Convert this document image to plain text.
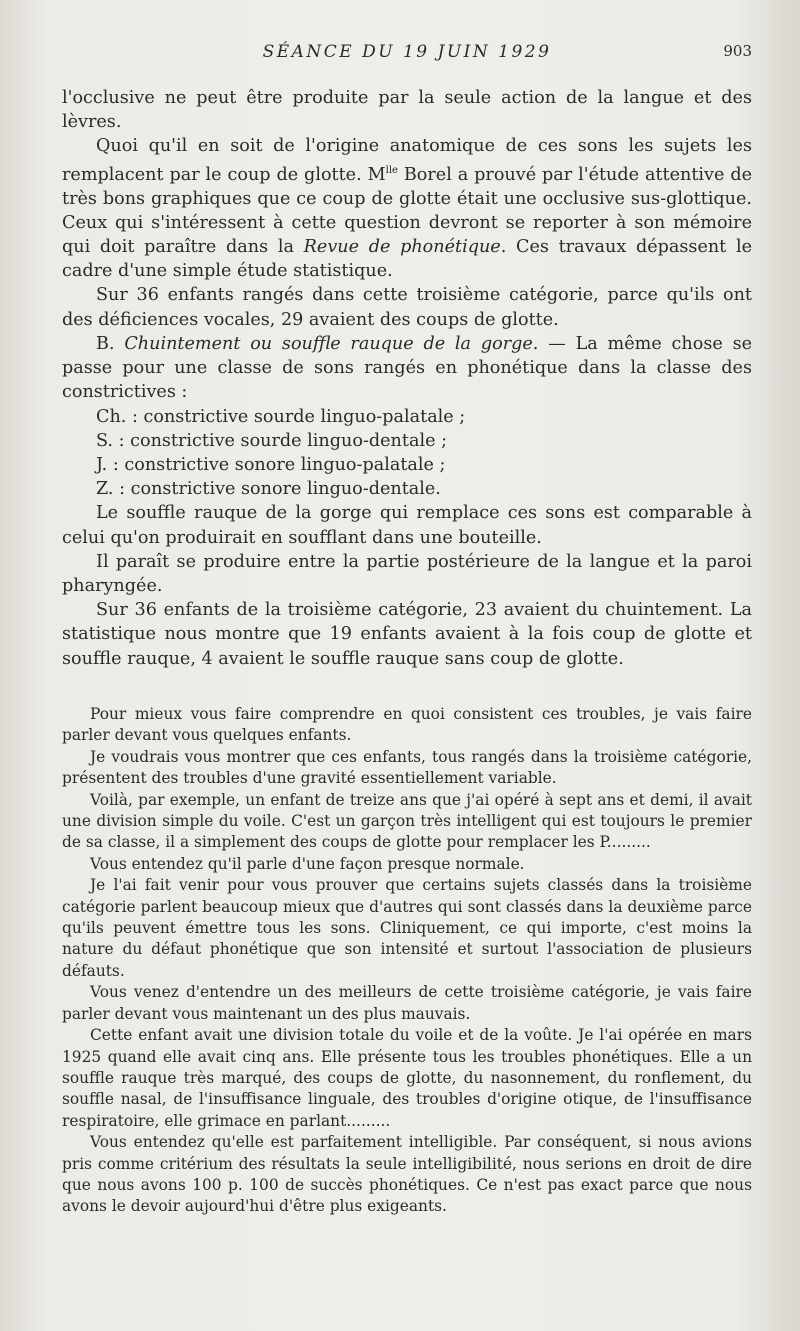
SÉANCE DU 19 JUIN 1929	903

l'occlusive ne peut être produite par la seule action de la langue et des lèvres.

Quoi qu'il en soit de l'origine anatomique de ces sons les sujets les remplacent par le coup de glotte. $M^{lle}$ Borel a prouvé par l'étude attentive de très bons graphiques que ce coup de glotte était une occlusive sus-glottique. Ceux qui s'intéressent à cette question devront se reporter à son mémoire qui doit paraître dans la Revue de phonétique. Ces travaux dépassent le cadre d'une simple étude statistique.

Sur 36 enfants rangés dans cette troisième catégorie, parce qu'ils ont des déficiences vocales, 29 avaient des coups de glotte.

B. Chuintement ou souffle rauque de la gorge. — La même chose se passe pour une classe de sons rangés en phonétique dans la classe des constrictives :

Ch. : constrictive sourde linguo-palatale ;

S. : constrictive sourde linguo-dentale ;

J. : constrictive sonore linguo-palatale ;

Z. : constrictive sonore linguo-dentale.

Le souffle rauque de la gorge qui remplace ces sons est comparable à celui qu'on produirait en soufflant dans une bouteille.

Il paraît se produire entre la partie postérieure de la langue et la paroi pharyngée.

Sur 36 enfants de la troisième catégorie, 23 avaient du chuintement. La statistique nous montre que 19 enfants avaient à la fois coup de glotte et souffle rauque, 4 avaient le souffle rauque sans coup de glotte.

Pour mieux vous faire comprendre en quoi consistent ces troubles, je vais faire parler devant vous quelques enfants.

Je voudrais vous montrer que ces enfants, tous rangés dans la troisième catégorie, présentent des troubles d'une gravité essentiellement variable.

Voilà, par exemple, un enfant de treize ans que j'ai opéré à sept ans et demi, il avait une division simple du voile. C'est un garçon très intelligent qui est toujours le premier de sa classe, il a simplement des coups de glotte pour remplacer les P.........

Vous entendez qu'il parle d'une façon presque normale.

Je l'ai fait venir pour vous prouver que certains sujets classés dans la troisième catégorie parlent beaucoup mieux que d'autres qui sont classés dans la deuxième parce qu'ils peuvent émettre tous les sons. Cliniquement, ce qui importe, c'est moins la nature du défaut phonétique que son intensité et surtout l'association de plusieurs défauts.

Vous venez d'entendre un des meilleurs de cette troisième catégorie, je vais faire parler devant vous maintenant un des plus mauvais.

Cette enfant avait une division totale du voile et de la voûte. Je l'ai opérée en mars 1925 quand elle avait cinq ans. Elle présente tous les troubles phonétiques. Elle a un souffle rauque très marqué, des coups de glotte, du nasonnement, du ronflement, du souffle nasal, de l'insuffisance linguale, des troubles d'origine otique, de l'insuffisance respiratoire, elle grimace en parlant.........

Vous entendez qu'elle est parfaitement intelligible. Par conséquent, si nous avions pris comme critérium des résultats la seule intelligibilité, nous serions en droit de dire que nous avons 100 p. 100 de succès phonétiques. Ce n'est pas exact parce que nous avons le devoir aujourd'hui d'être plus exigeants.
